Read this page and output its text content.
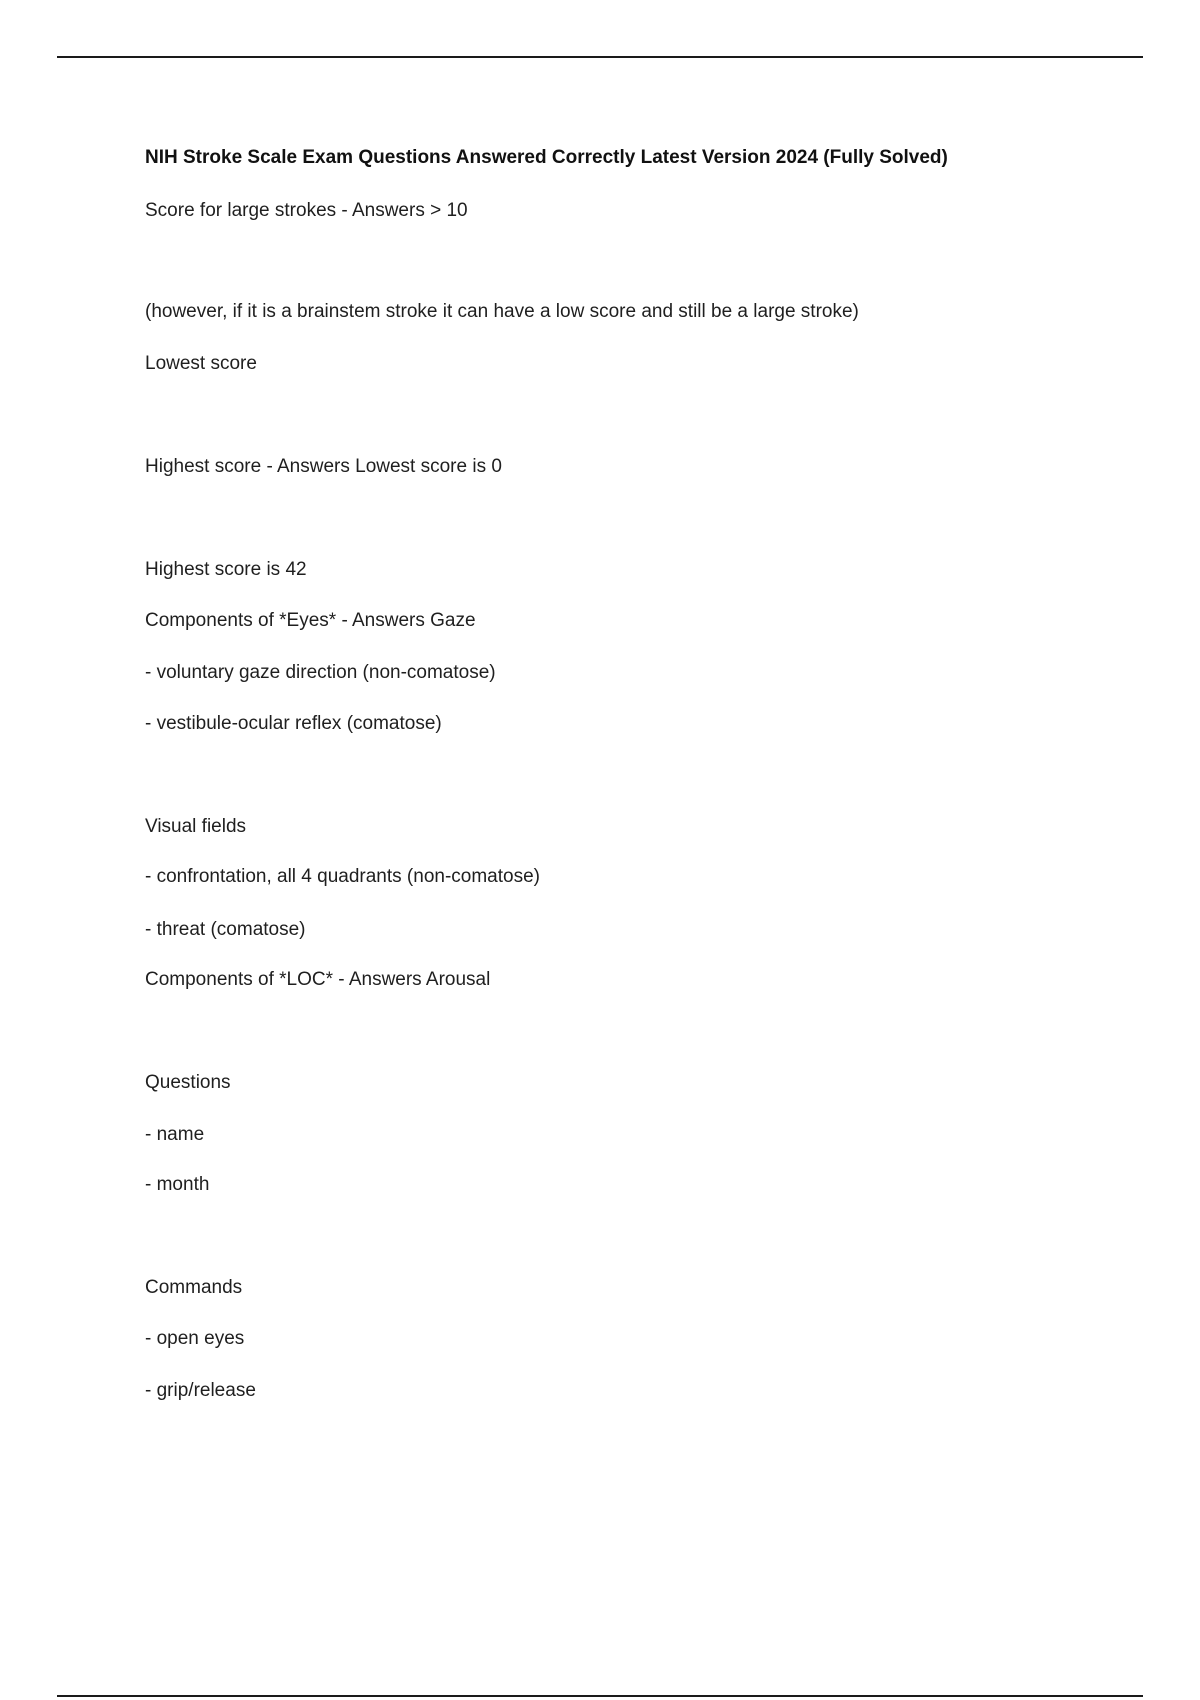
NIH Stroke Scale Exam Questions Answered Correctly Latest Version 2024 (Fully Solved)
Score for large strokes - Answers > 10
(however, if it is a brainstem stroke it can have a low score and still be a large stroke)
Lowest score
Highest score - Answers Lowest score is 0
Highest score is 42
Components of *Eyes* - Answers Gaze
- voluntary gaze direction (non-comatose)
- vestibule-ocular reflex (comatose)
Visual fields
- confrontation, all 4 quadrants (non-comatose)
- threat (comatose)
Components of *LOC* - Answers Arousal
Questions
- name
- month
Commands
- open eyes
- grip/release
